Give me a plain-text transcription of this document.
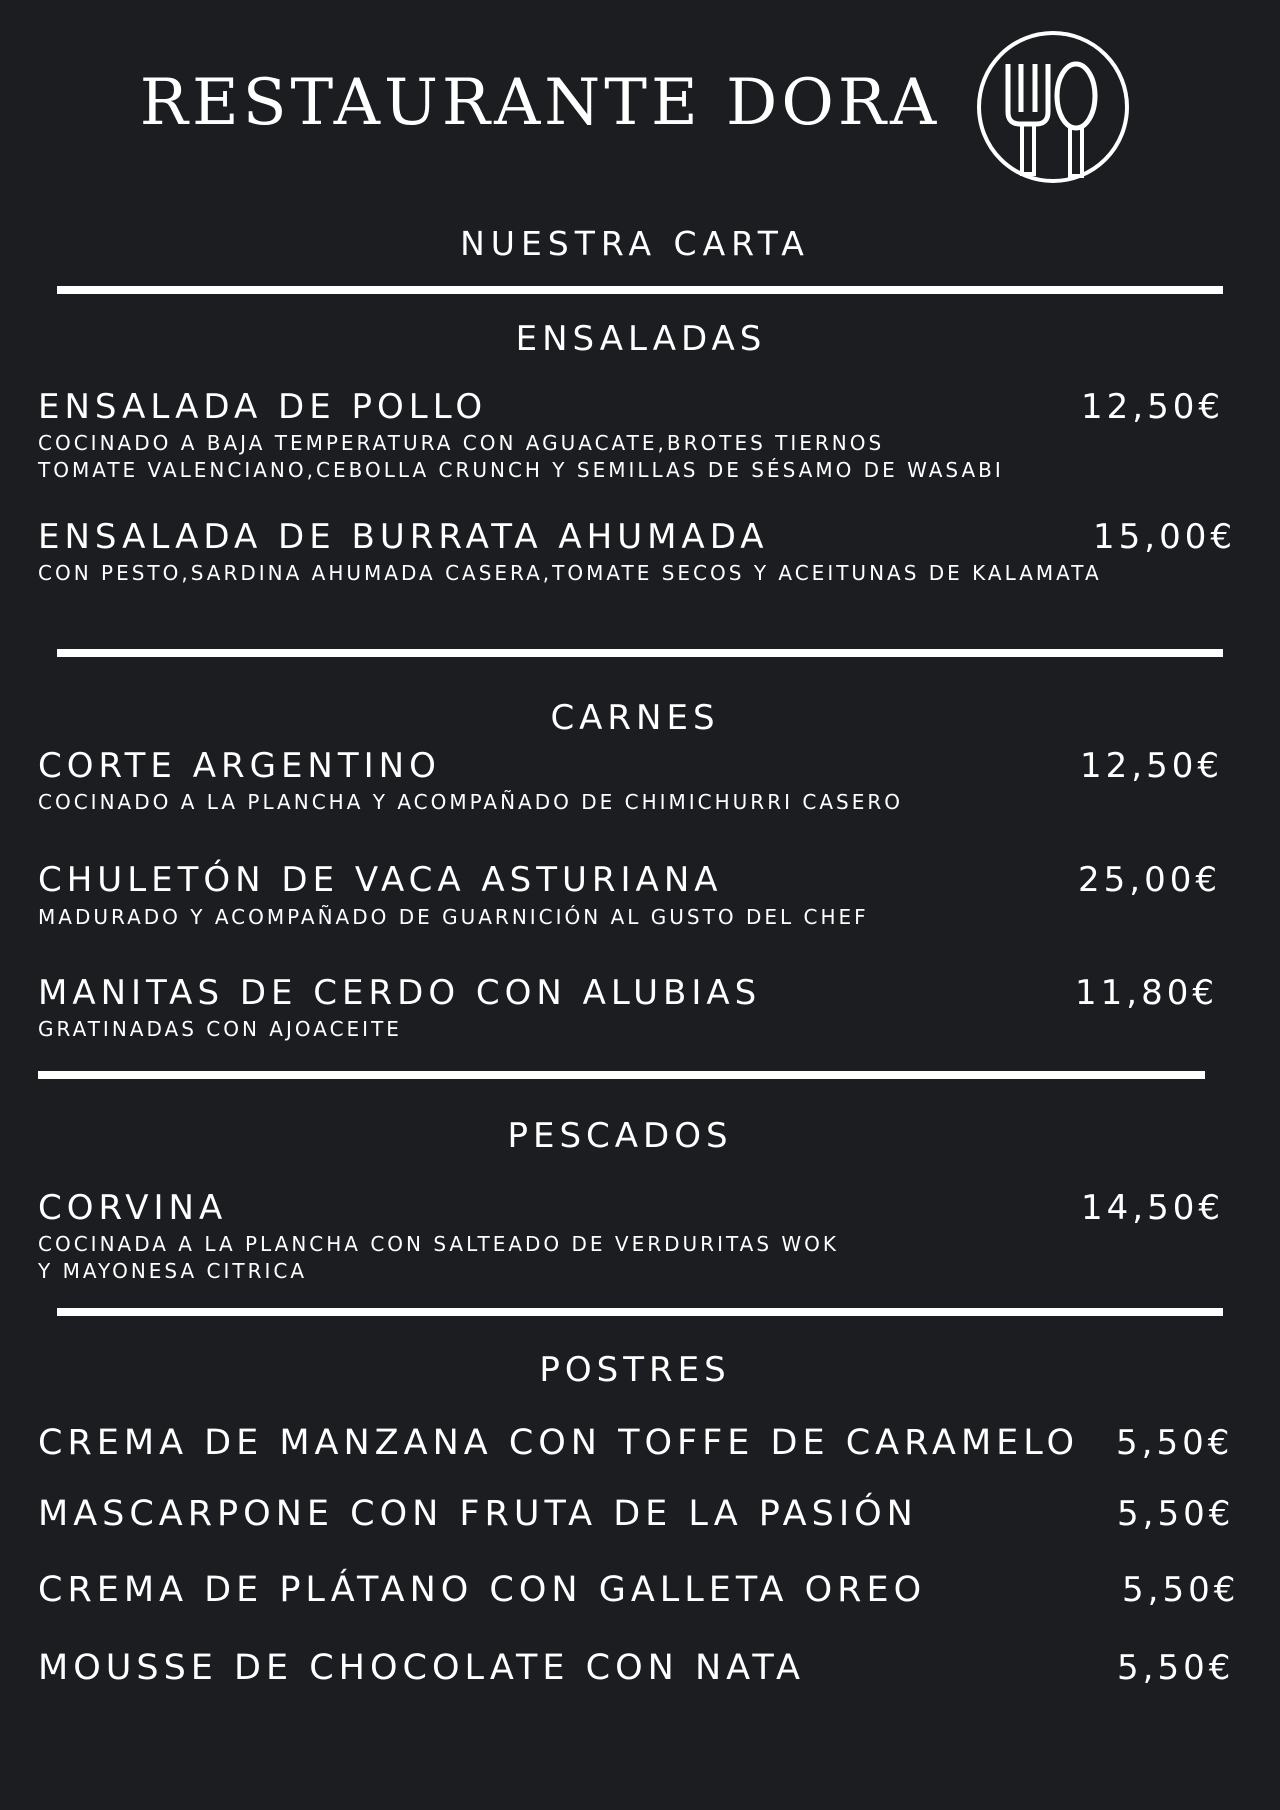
RESTAURANTE DORA
NUESTRA CARTA
ENSALADAS
ENSALADA DE POLLO	12,50€
COCINADO A BAJA TEMPERATURA CON AGUACATE,BROTES TIERNOS
TOMATE VALENCIANO,CEBOLLA CRUNCH Y SEMILLAS DE SÉSAMO DE WASABI
ENSALADA DE BURRATA AHUMADA	15,00€
CON PESTO,SARDINA AHUMADA CASERA,TOMATE SECOS Y ACEITUNAS DE KALAMATA
CARNES
CORTE ARGENTINO	12,50€
COCINADO A LA PLANCHA Y ACOMPAÑADO DE CHIMICHURRI CASERO
CHULETÓN DE VACA ASTURIANA	25,00€
MADURADO Y ACOMPAÑADO DE GUARNICIÓN AL GUSTO DEL CHEF
MANITAS DE CERDO CON ALUBIAS	11,80€
GRATINADAS CON AJOACEITE
PESCADOS
CORVINA	14,50€
COCINADA A LA PLANCHA CON SALTEADO DE VERDURITAS WOK
Y MAYONESA CITRICA
POSTRES
CREMA DE MANZANA CON TOFFE DE CARAMELO 5,50€
MASCARPONE CON FRUTA DE LA PASIÓN	5,50€
CREMA DE PLÁTANO CON GALLETA OREO	5,50€
MOUSSE DE CHOCOLATE CON NATA	5,50€
